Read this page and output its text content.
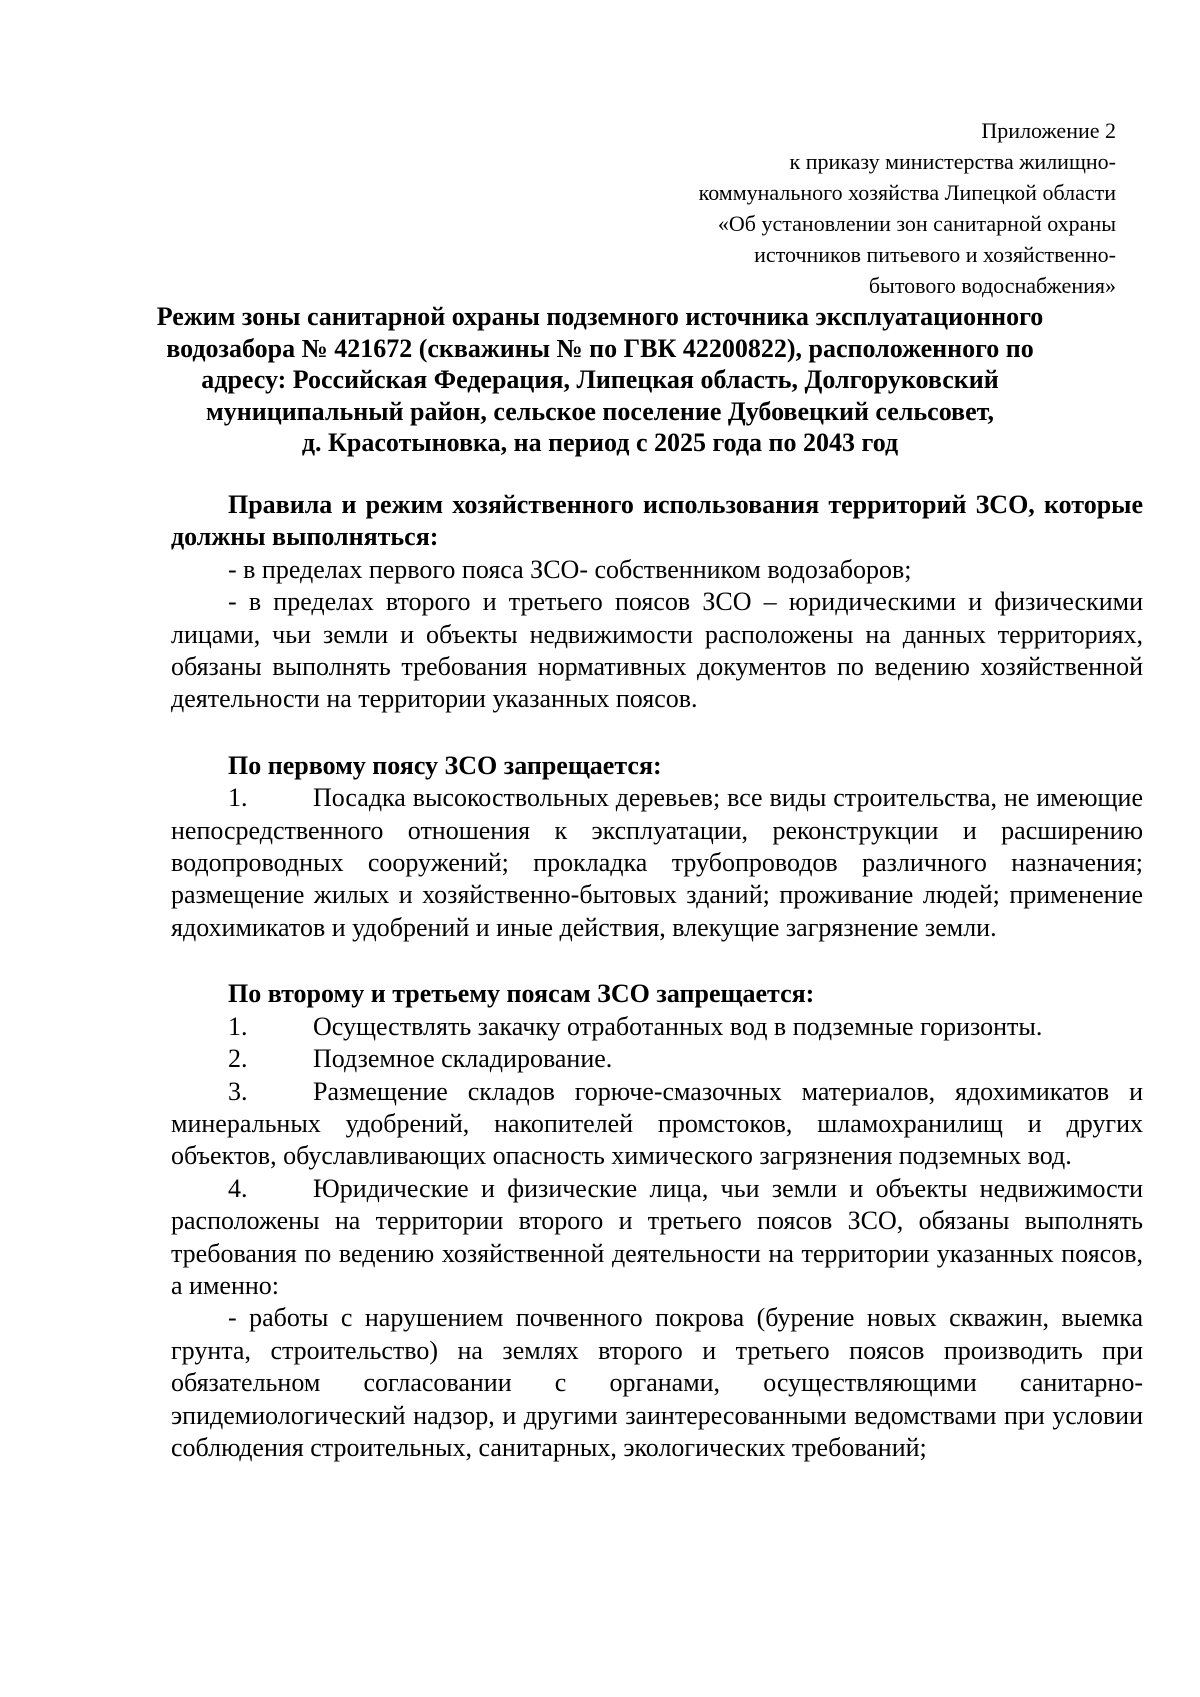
Приложение 2
к приказу министерства жилищно-
коммунального хозяйства Липецкой области
«Об установлении зон санитарной охраны
источников питьевого и хозяйственно-
бытового водоснабжения»
Режим зоны санитарной охраны подземного источника эксплуатационного
водозабора № 421672 (скважины № по ГВК 42200822), расположенного по
адресу: Российская Федерация, Липецкая область, Долгоруковский
муниципальный район, сельское поселение Дубовецкий сельсовет,
д. Красотыновка, на период с 2025 года по 2043 год

Правила и режим хозяйственного использования территорий ЗСО, которые должны выполняться:

- в пределах первого пояса ЗСО- собственником водозаборов;

- в пределах второго и третьего поясов ЗСО – юридическими и физическими лицами, чьи земли и объекты недвижимости расположены на данных территориях, обязаны выполнять требования нормативных документов по ведению хозяйственной деятельности на территории указанных поясов.

По первому поясу ЗСО запрещается:

1.	Посадка высокоствольных деревьев; все виды строительства, не имеющие непосредственного отношения к эксплуатации, реконструкции и расширению водопроводных сооружений; прокладка трубопроводов различного назначения; размещение жилых и хозяйственно-бытовых зданий; проживание людей; применение ядохимикатов и удобрений и иные действия, влекущие загрязнение земли.

По второму и третьему поясам ЗСО запрещается:

1.	Осуществлять закачку отработанных вод в подземные горизонты.

2.	Подземное складирование.

3.	Размещение складов горюче-смазочных материалов, ядохимикатов и минеральных удобрений, накопителей промстоков, шламохранилищ и других объектов, обуславливающих опасность химического загрязнения подземных вод.

4.	Юридические и физические лица, чьи земли и объекты недвижимости расположены на территории второго и третьего поясов ЗСО, обязаны выполнять требования по ведению хозяйственной деятельности на территории указанных поясов, а именно:

- работы с нарушением почвенного покрова (бурение новых скважин, выемка грунта, строительство) на землях второго и третьего поясов производить при обязательном согласовании с органами, осуществляющими санитарно-эпидемиологический надзор, и другими заинтересованными ведомствами при условии соблюдения строительных, санитарных, экологических требований;
